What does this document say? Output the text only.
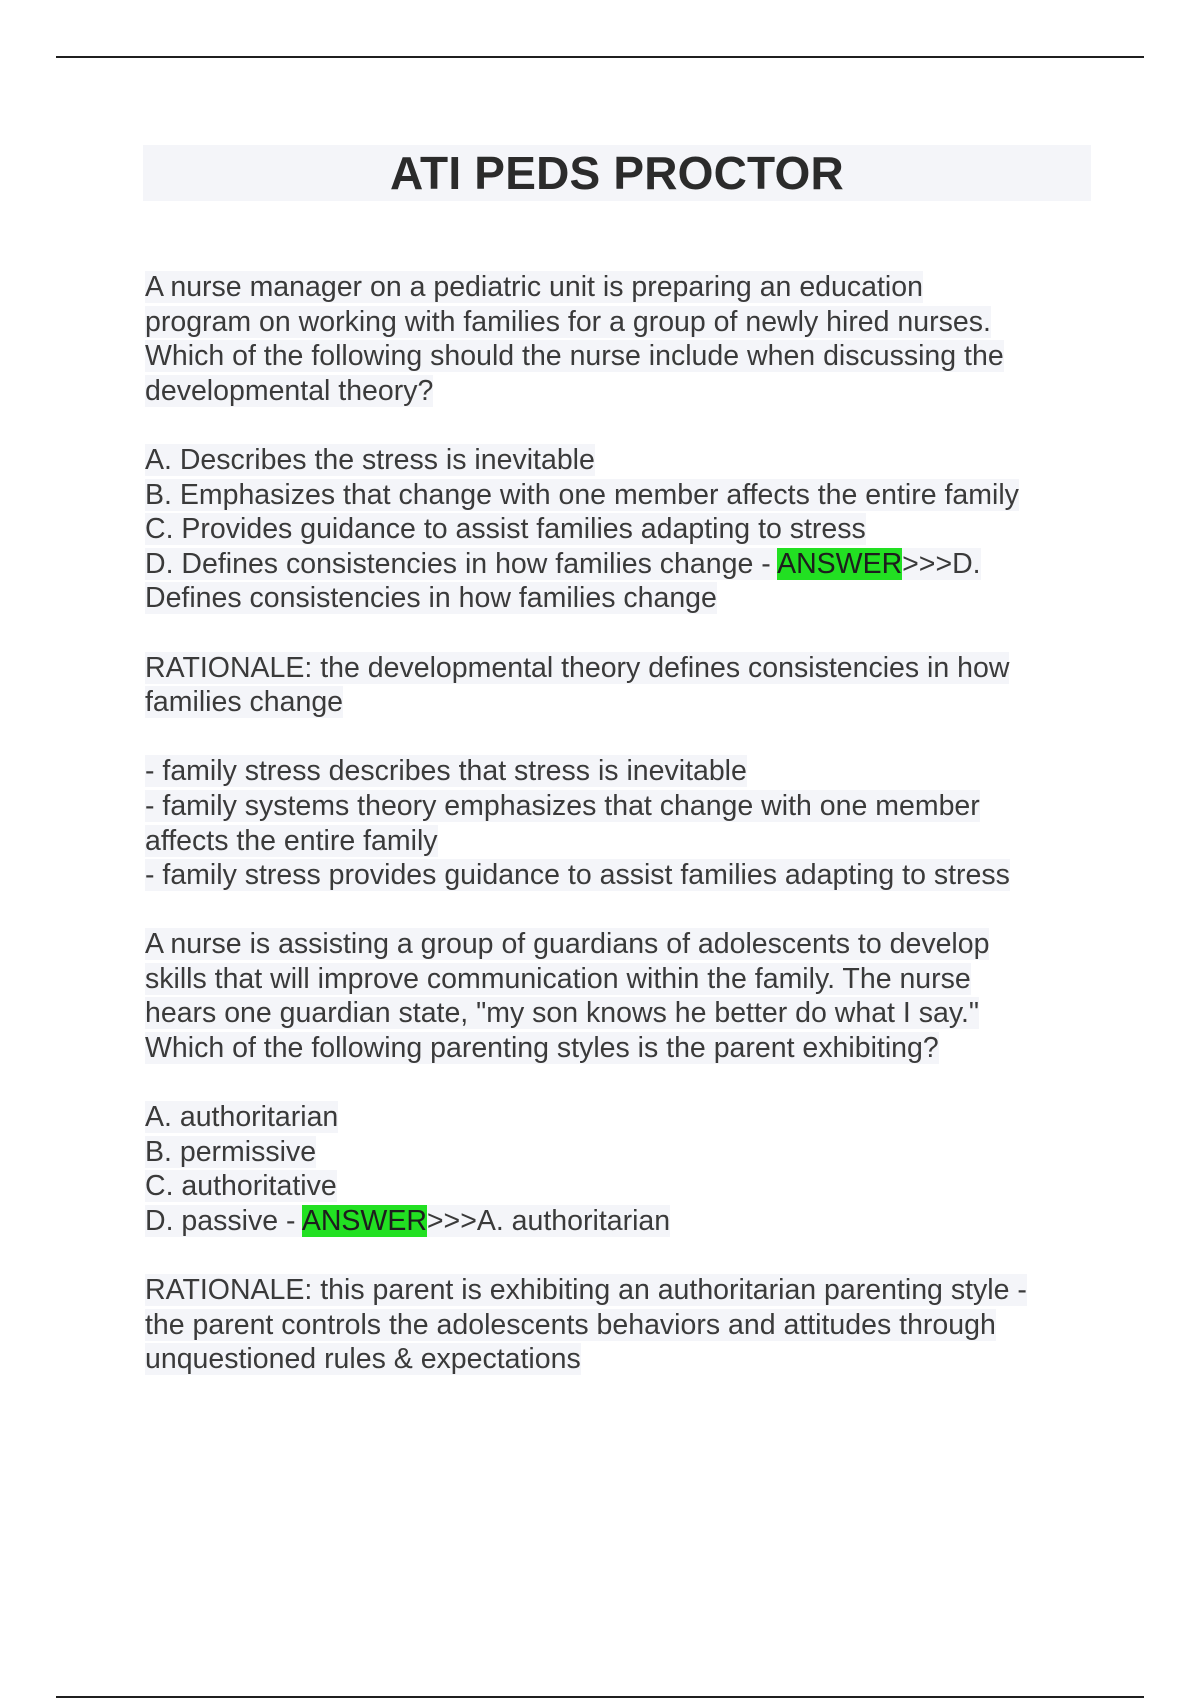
ATI PEDS PROCTOR
A nurse manager on a pediatric unit is preparing an education
program on working with families for a group of newly hired nurses.
Which of the following should the nurse include when discussing the
developmental theory?
A. Describes the stress is inevitable
B. Emphasizes that change with one member affects the entire family
C. Provides guidance to assist families adapting to stress
D. Defines consistencies in how families change - ANSWER>>>D.
Defines consistencies in how families change
RATIONALE: the developmental theory defines consistencies in how
families change
- family stress describes that stress is inevitable
- family systems theory emphasizes that change with one member
affects the entire family
- family stress provides guidance to assist families adapting to stress
A nurse is assisting a group of guardians of adolescents to develop
skills that will improve communication within the family. The nurse
hears one guardian state, "my son knows he better do what I say."
Which of the following parenting styles is the parent exhibiting?
A. authoritarian
B. permissive
C. authoritative
D. passive - ANSWER>>>A. authoritarian
RATIONALE: this parent is exhibiting an authoritarian parenting style -
the parent controls the adolescents behaviors and attitudes through
unquestioned rules & expectations
